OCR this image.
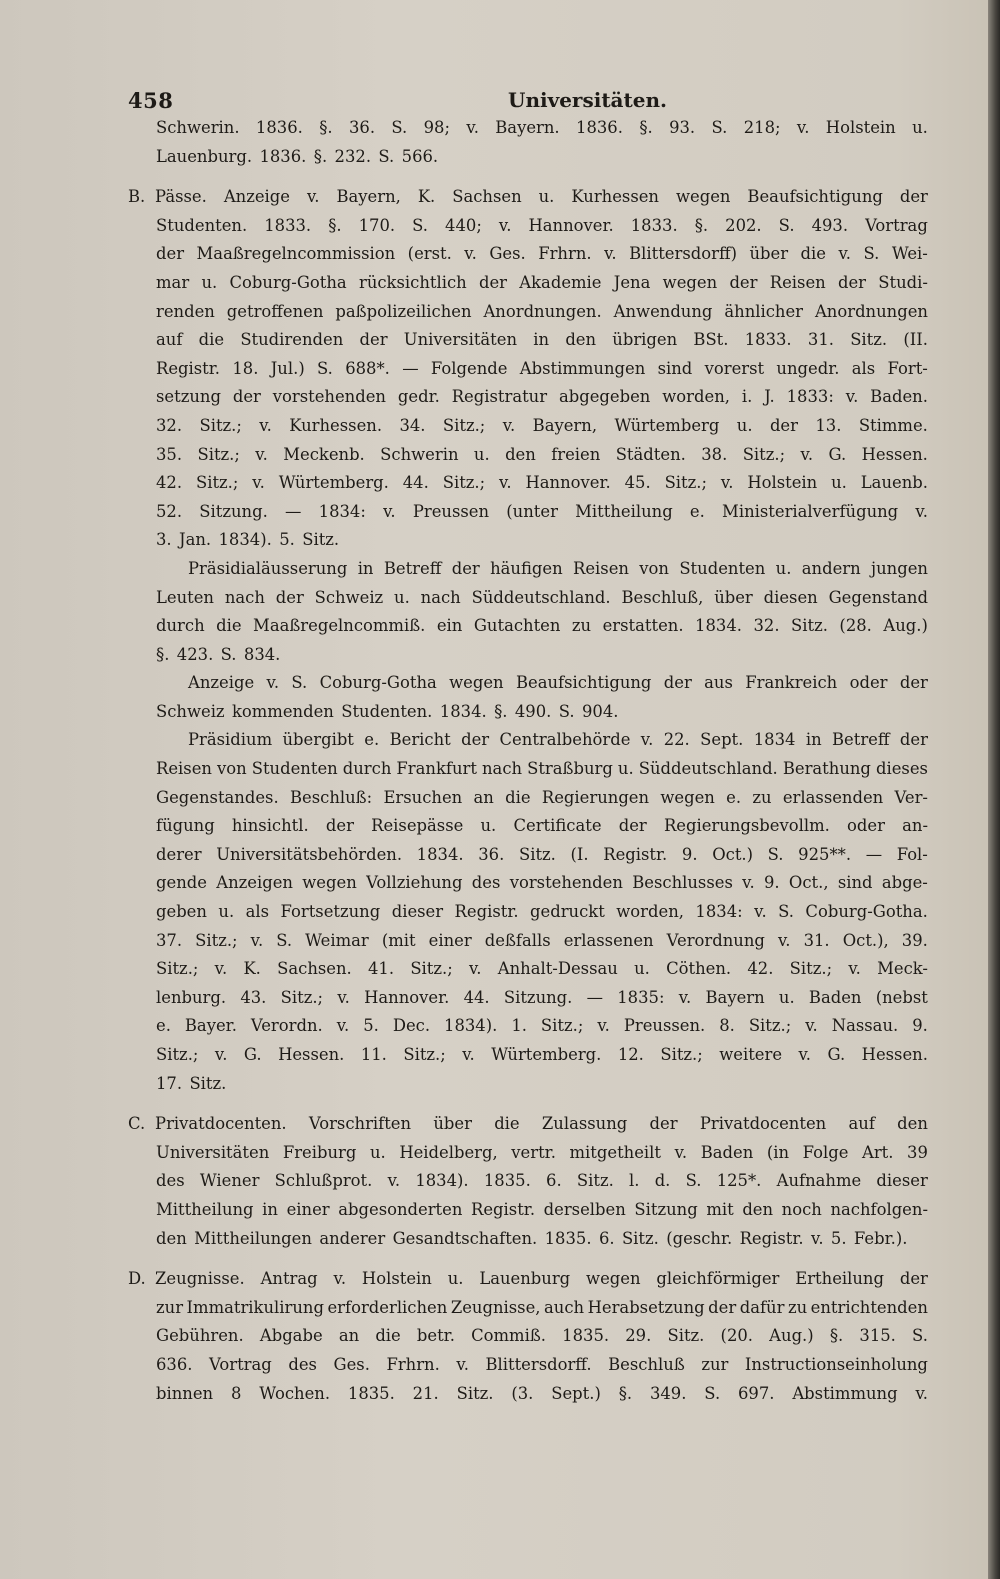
458	Universitäten.
Schwerin. 1836. §. 36. S. 98; v. Bayern. 1836. §. 93. S. 218; v. Holstein u.
Lauenburg. 1836. §. 232. S. 566.
B. Pässe. Anzeige v. Bayern, K. Sachsen u. Kurhessen wegen Beaufsichtigung der
Studenten. 1833. §. 170. S. 440; v. Hannover. 1833. §. 202. S. 493. Vortrag
der Maaßregelncommission (erst. v. Ges. Frhrn. v. Blittersdorff) über die v. S. Wei-
mar u. Coburg-Gotha rücksichtlich der Akademie Jena wegen der Reisen der Studi-
renden getroffenen paßpolizeilichen Anordnungen. Anwendung ähnlicher Anordnungen
auf die Studirenden der Universitäten in den übrigen BSt. 1833. 31. Sitz. (II.
Registr. 18. Jul.) S. 688*. — Folgende Abstimmungen sind vorerst ungedr. als Fort-
setzung der vorstehenden gedr. Registratur abgegeben worden, i. J. 1833: v. Baden.
32. Sitz.; v. Kurhessen. 34. Sitz.; v. Bayern, Würtemberg u. der 13. Stimme.
35. Sitz.; v. Meckenb. Schwerin u. den freien Städten. 38. Sitz.; v. G. Hessen.
42. Sitz.; v. Würtemberg. 44. Sitz.; v. Hannover. 45. Sitz.; v. Holstein u. Lauenb.
52. Sitzung. — 1834: v. Preussen (unter Mittheilung e. Ministerialverfügung v.
3. Jan. 1834). 5. Sitz.
Präsidialäusserung in Betreff der häufigen Reisen von Studenten u. andern jungen
Leuten nach der Schweiz u. nach Süddeutschland. Beschluß, über diesen Gegenstand
durch die Maaßregelncommiß. ein Gutachten zu erstatten. 1834. 32. Sitz. (28. Aug.)
§. 423. S. 834.
Anzeige v. S. Coburg-Gotha wegen Beaufsichtigung der aus Frankreich oder der
Schweiz kommenden Studenten. 1834. §. 490. S. 904.
Präsidium übergibt e. Bericht der Centralbehörde v. 22. Sept. 1834 in Betreff der
Reisen von Studenten durch Frankfurt nach Straßburg u. Süddeutschland. Berathung dieses
Gegenstandes. Beschluß: Ersuchen an die Regierungen wegen e. zu erlassenden Ver-
fügung hinsichtl. der Reisepässe u. Certificate der Regierungsbevollm. oder an-
derer Universitätsbehörden. 1834. 36. Sitz. (I. Registr. 9. Oct.) S. 925**. — Fol-
gende Anzeigen wegen Vollziehung des vorstehenden Beschlusses v. 9. Oct., sind abge-
geben u. als Fortsetzung dieser Registr. gedruckt worden, 1834: v. S. Coburg-Gotha.
37. Sitz.; v. S. Weimar (mit einer deßfalls erlassenen Verordnung v. 31. Oct.), 39.
Sitz.; v. K. Sachsen. 41. Sitz.; v. Anhalt-Dessau u. Cöthen. 42. Sitz.; v. Meck-
lenburg. 43. Sitz.; v. Hannover. 44. Sitzung. — 1835: v. Bayern u. Baden (nebst
e. Bayer. Verordn. v. 5. Dec. 1834). 1. Sitz.; v. Preussen. 8. Sitz.; v. Nassau. 9.
Sitz.; v. G. Hessen. 11. Sitz.; v. Würtemberg. 12. Sitz.; weitere v. G. Hessen.
17. Sitz.
C. Privatdocenten. Vorschriften über die Zulassung der Privatdocenten auf den
Universitäten Freiburg u. Heidelberg, vertr. mitgetheilt v. Baden (in Folge Art. 39
des Wiener Schlußprot. v. 1834). 1835. 6. Sitz. l. d. S. 125*. Aufnahme dieser
Mittheilung in einer abgesonderten Registr. derselben Sitzung mit den noch nachfolgen-
den Mittheilungen anderer Gesandtschaften. 1835. 6. Sitz. (geschr. Registr. v. 5. Febr.).
D. Zeugnisse. Antrag v. Holstein u. Lauenburg wegen gleichförmiger Ertheilung der
zur Immatrikulirung erforderlichen Zeugnisse, auch Herabsetzung der dafür zu entrichtenden
Gebühren. Abgabe an die betr. Commiß. 1835. 29. Sitz. (20. Aug.) §. 315. S.
636. Vortrag des Ges. Frhrn. v. Blittersdorff. Beschluß zur Instructionseinholung
binnen 8 Wochen. 1835. 21. Sitz. (3. Sept.) §. 349. S. 697. Abstimmung v.
